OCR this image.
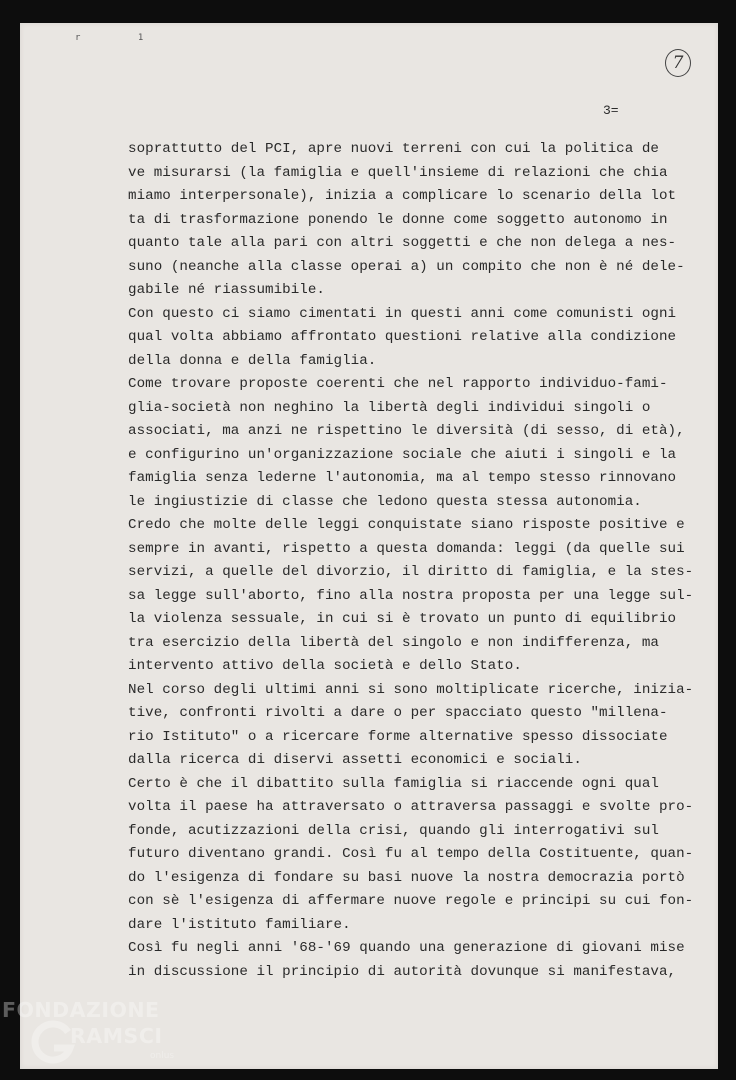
r 1
7
3=
soprattutto del PCI, apre nuovi terreni con cui la politica de
ve misurarsi (la famiglia e quell'insieme di relazioni che chia
miamo interpersonale), inizia a complicare lo scenario della lot
ta di trasformazione ponendo le donne come soggetto autonomo in
quanto tale alla pari con altri soggetti e che non delega a nes-
suno (neanche alla classe operai a) un compito che non è né dele-
gabile né riassumibile.
Con questo ci siamo cimentati in questi anni come comunisti ogni
qual volta abbiamo affrontato questioni relative alla condizione
della donna e della famiglia.
Come trovare proposte coerenti che nel rapporto individuo-fami-
glia-società non neghino la libertà degli individui singoli o
associati, ma anzi ne rispettino le diversità (di sesso, di età),
e configurino un'organizzazione sociale che aiuti i singoli e la
famiglia senza lederne l'autonomia, ma al tempo stesso rinnovano
le ingiustizie di classe che ledono questa stessa autonomia.
Credo che molte delle leggi conquistate siano risposte positive e
sempre in avanti, rispetto a questa domanda: leggi (da quelle sui
servizi, a quelle del divorzio, il diritto di famiglia, e la stes-
sa legge sull'aborto, fino alla nostra proposta per una legge sul-
la violenza sessuale, in cui si è trovato un punto di equilibrio
tra esercizio della libertà del singolo e non indifferenza, ma
intervento attivo della società e dello Stato.
Nel corso degli ultimi anni si sono moltiplicate ricerche, inizia-
tive, confronti rivolti a dare o per spacciato questo "millena-
rio Istituto" o a ricercare forme alternative spesso dissociate
dalla ricerca di diservi assetti economici e sociali.
Certo è che il dibattito sulla famiglia si riaccende ogni qual
volta il paese ha attraversato o attraversa passaggi e svolte pro-
fonde, acutizzazioni della crisi, quando gli interrogativi sul
futuro diventano grandi. Così fu al tempo della Costituente, quan-
do l'esigenza di fondare su basi nuove la nostra democrazia portò
con sè l'esigenza di affermare nuove regole e principi su cui fon-
dare l'istituto familiare.
Così fu negli anni '68-'69 quando una generazione di giovani mise
in discussione il principio di autorità dovunque si manifestava,
FONDAZIONE
RAMSCI
onlus
